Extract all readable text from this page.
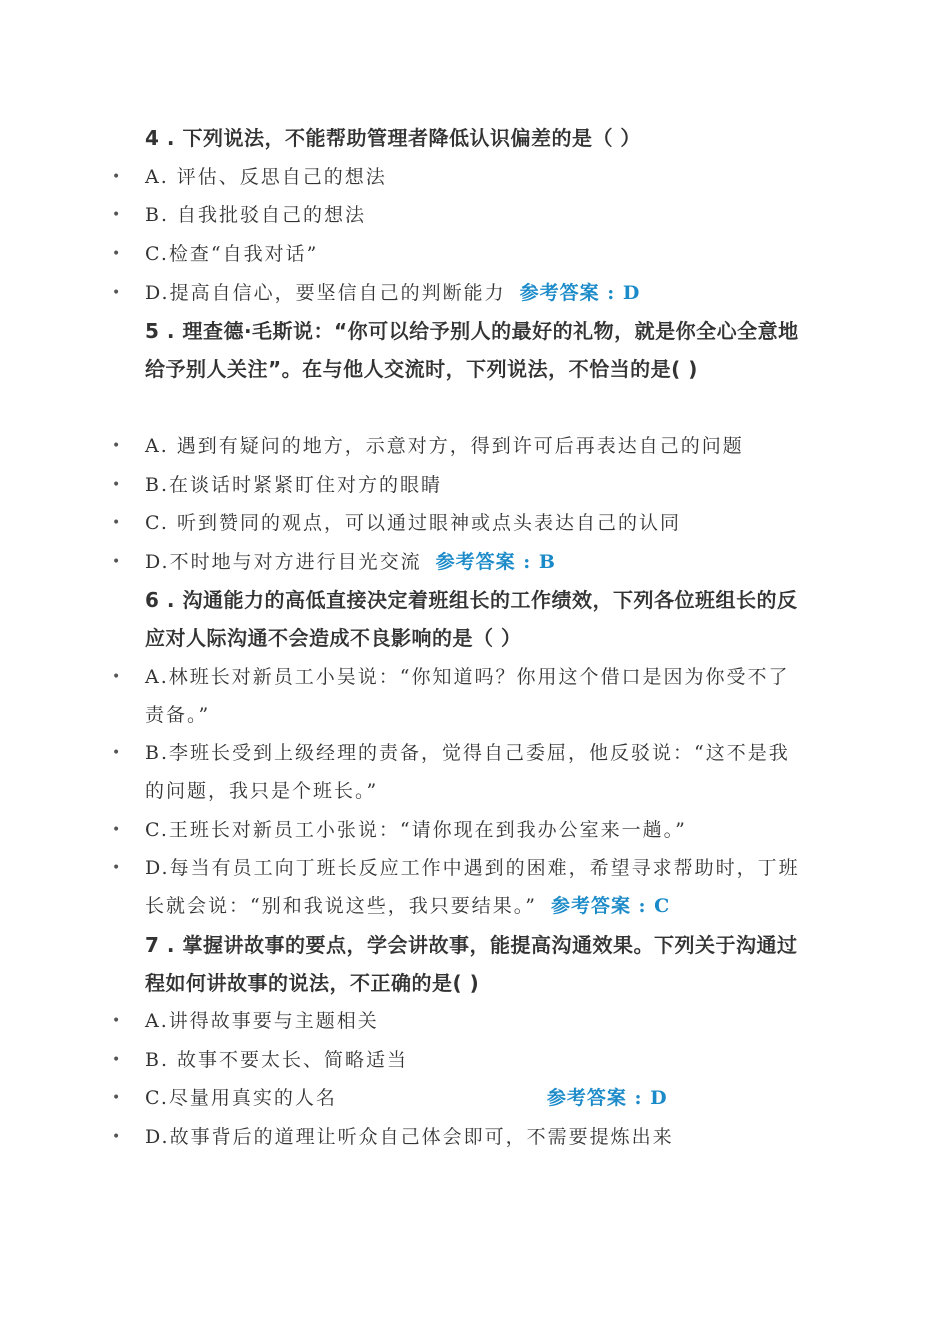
4 . 下列说法，不能帮助管理者降低认识偏差的是（ ）
• A. 评估、反思自己的想法
• B. 自我批驳自己的想法
• C.检查“自我对话”
• D.提高自信心，要坚信自己的判断能力 参考答案 : D
5 . 理查德·毛斯说：“你可以给予别人的最好的礼物，就是你全心全意地给予别人关注”。在与他人交流时，下列说法，不恰当的是( )
• A. 遇到有疑问的地方，示意对方，得到许可后再表达自己的问题
• B.在谈话时紧紧盯住对方的眼睛
• C. 听到赞同的观点，可以通过眼神或点头表达自己的认同
• D.不时地与对方进行目光交流 参考答案 : B
6 . 沟通能力的高低直接决定着班组长的工作绩效，下列各位班组长的反应对人际沟通不会造成不良影响的是（ ）
• A.林班长对新员工小吴说：“你知道吗？你用这个借口是因为你受不了责备。”
• B.李班长受到上级经理的责备，觉得自己委屈，他反驳说：“这不是我的问题，我只是个班长。”
• C.王班长对新员工小张说：“请你现在到我办公室来一趟。”
• D.每当有员工向丁班长反应工作中遇到的困难，希望寻求帮助时，丁班长就会说：“别和我说这些，我只要结果。” 参考答案 : C
7 . 掌握讲故事的要点，学会讲故事，能提高沟通效果。下列关于沟通过程如何讲故事的说法，不正确的是( )
• A.讲得故事要与主题相关
• B. 故事不要太长、简略适当
• C.尽量用真实的人名	参考答案 : D
• D.故事背后的道理让听众自己体会即可，不需要提炼出来
